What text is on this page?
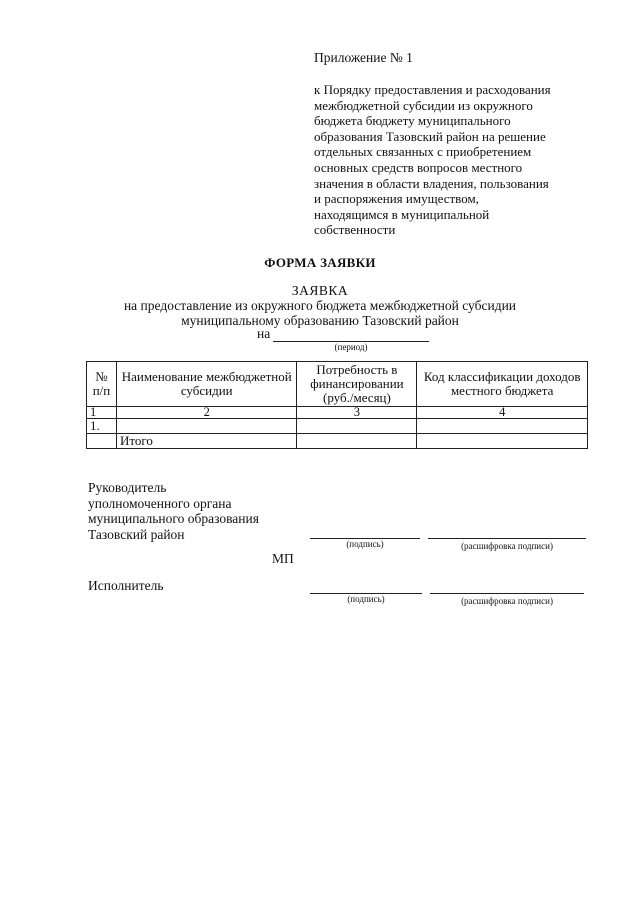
Приложение № 1
к Порядку предоставления и расходования
межбюджетной субсидии из окружного
бюджета бюджету муниципального
образования Тазовский район на решение
отдельных связанных с приобретением
основных средств вопросов местного
значения в области владения, пользования
и распоряжения имуществом,
находящимся в муниципальной
собственности
ФОРМА ЗАЯВКИ
ЗАЯВКА
на предоставление из окружного бюджета межбюджетной субсидии
муниципальному образованию Тазовский район
на
(период)
№ п/п	Наименование межбюджетной субсидии	Потребность в финансировании (руб./месяц)	Код классификации доходов местного бюджета
1	2	3	4
1.			
	Итого		
Руководитель
уполномоченного органа
муниципального образования
Тазовский район
(подпись)	(расшифровка подписи)
МП
Исполнитель
(подпись)	(расшифровка подписи)
